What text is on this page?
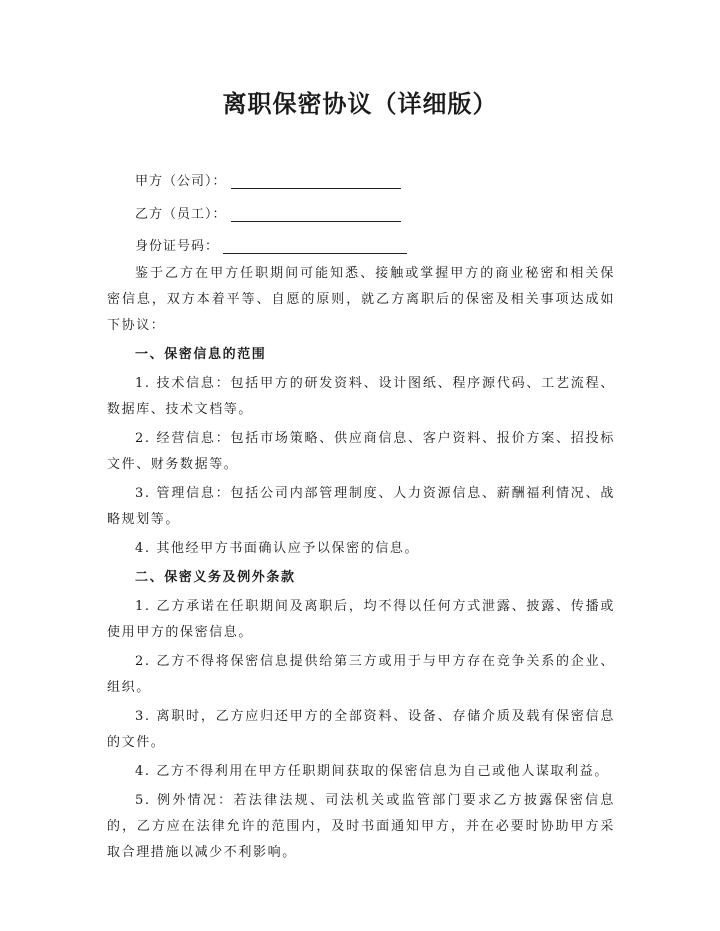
离职保密协议（详细版）
甲方（公司）：
乙方（员工）：
身份证号码：

鉴于乙方在甲方任职期间可能知悉、接触或掌握甲方的商业秘密和相关保密信息，双方本着平等、自愿的原则，就乙方离职后的保密及相关事项达成如下协议：

一、保密信息的范围

1. 技术信息：包括甲方的研发资料、设计图纸、程序源代码、工艺流程、数据库、技术文档等。

2. 经营信息：包括市场策略、供应商信息、客户资料、报价方案、招投标文件、财务数据等。

3. 管理信息：包括公司内部管理制度、人力资源信息、薪酬福利情况、战略规划等。

4. 其他经甲方书面确认应予以保密的信息。

二、保密义务及例外条款

1. 乙方承诺在任职期间及离职后，均不得以任何方式泄露、披露、传播或使用甲方的保密信息。

2. 乙方不得将保密信息提供给第三方或用于与甲方存在竞争关系的企业、组织。

3. 离职时，乙方应归还甲方的全部资料、设备、存储介质及载有保密信息的文件。

4. 乙方不得利用在甲方任职期间获取的保密信息为自己或他人谋取利益。

5. 例外情况：若法律法规、司法机关或监管部门要求乙方披露保密信息的，乙方应在法律允许的范围内，及时书面通知甲方，并在必要时协助甲方采取合理措施以减少不利影响。
